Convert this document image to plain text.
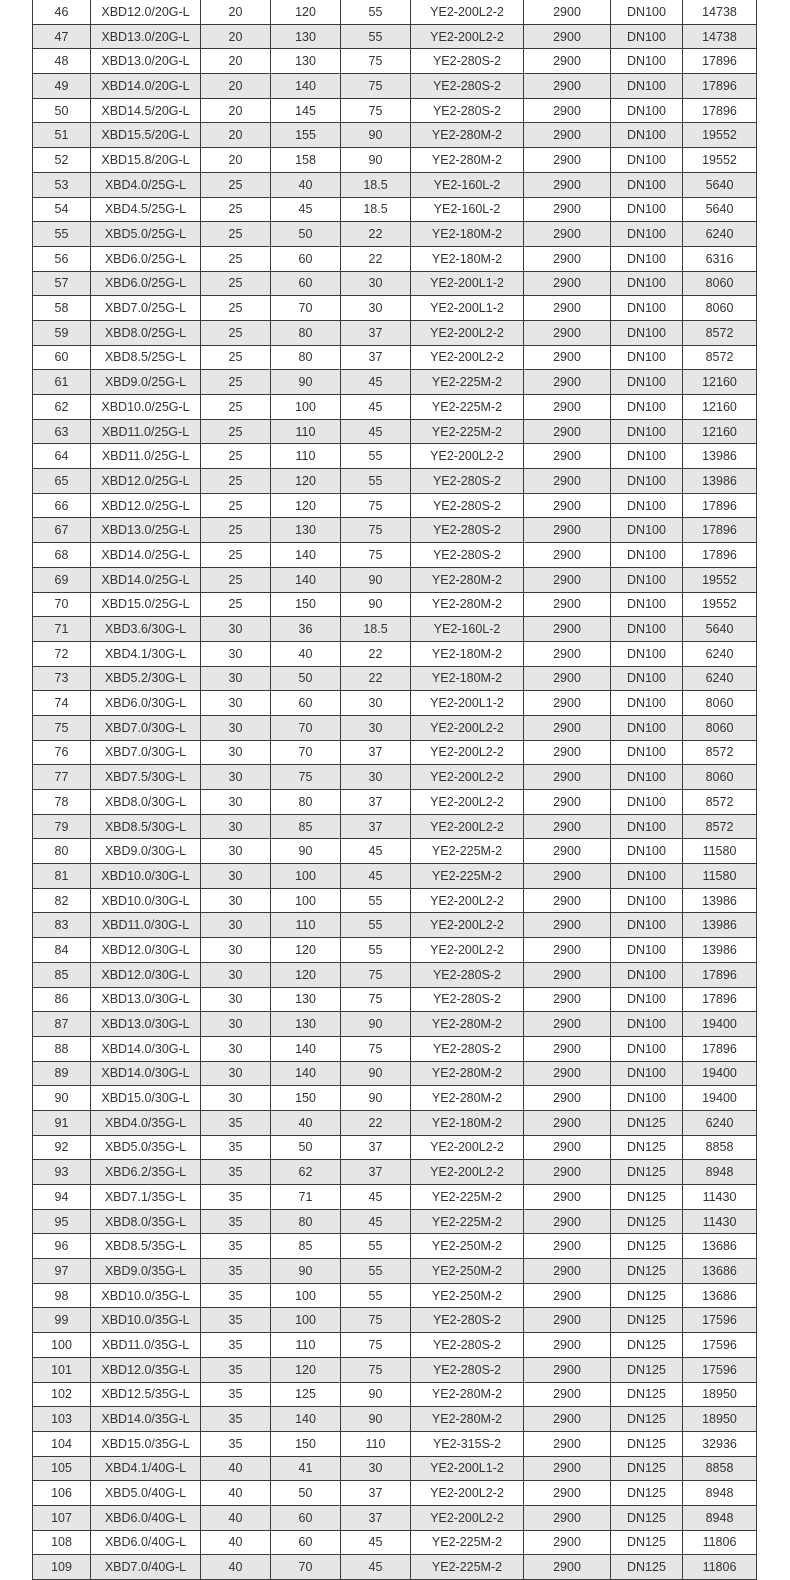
46	XBD12.0/20G-L	20	120	55	YE2-200L2-2	2900	DN100	14738
47	XBD13.0/20G-L	20	130	55	YE2-200L2-2	2900	DN100	14738
48	XBD13.0/20G-L	20	130	75	YE2-280S-2	2900	DN100	17896
49	XBD14.0/20G-L	20	140	75	YE2-280S-2	2900	DN100	17896
50	XBD14.5/20G-L	20	145	75	YE2-280S-2	2900	DN100	17896
51	XBD15.5/20G-L	20	155	90	YE2-280M-2	2900	DN100	19552
52	XBD15.8/20G-L	20	158	90	YE2-280M-2	2900	DN100	19552
53	XBD4.0/25G-L	25	40	18.5	YE2-160L-2	2900	DN100	5640
54	XBD4.5/25G-L	25	45	18.5	YE2-160L-2	2900	DN100	5640
55	XBD5.0/25G-L	25	50	22	YE2-180M-2	2900	DN100	6240
56	XBD6.0/25G-L	25	60	22	YE2-180M-2	2900	DN100	6316
57	XBD6.0/25G-L	25	60	30	YE2-200L1-2	2900	DN100	8060
58	XBD7.0/25G-L	25	70	30	YE2-200L1-2	2900	DN100	8060
59	XBD8.0/25G-L	25	80	37	YE2-200L2-2	2900	DN100	8572
60	XBD8.5/25G-L	25	80	37	YE2-200L2-2	2900	DN100	8572
61	XBD9.0/25G-L	25	90	45	YE2-225M-2	2900	DN100	12160
62	XBD10.0/25G-L	25	100	45	YE2-225M-2	2900	DN100	12160
63	XBD11.0/25G-L	25	110	45	YE2-225M-2	2900	DN100	12160
64	XBD11.0/25G-L	25	110	55	YE2-200L2-2	2900	DN100	13986
65	XBD12.0/25G-L	25	120	55	YE2-280S-2	2900	DN100	13986
66	XBD12.0/25G-L	25	120	75	YE2-280S-2	2900	DN100	17896
67	XBD13.0/25G-L	25	130	75	YE2-280S-2	2900	DN100	17896
68	XBD14.0/25G-L	25	140	75	YE2-280S-2	2900	DN100	17896
69	XBD14.0/25G-L	25	140	90	YE2-280M-2	2900	DN100	19552
70	XBD15.0/25G-L	25	150	90	YE2-280M-2	2900	DN100	19552
71	XBD3.6/30G-L	30	36	18.5	YE2-160L-2	2900	DN100	5640
72	XBD4.1/30G-L	30	40	22	YE2-180M-2	2900	DN100	6240
73	XBD5.2/30G-L	30	50	22	YE2-180M-2	2900	DN100	6240
74	XBD6.0/30G-L	30	60	30	YE2-200L1-2	2900	DN100	8060
75	XBD7.0/30G-L	30	70	30	YE2-200L2-2	2900	DN100	8060
76	XBD7.0/30G-L	30	70	37	YE2-200L2-2	2900	DN100	8572
77	XBD7.5/30G-L	30	75	30	YE2-200L2-2	2900	DN100	8060
78	XBD8.0/30G-L	30	80	37	YE2-200L2-2	2900	DN100	8572
79	XBD8.5/30G-L	30	85	37	YE2-200L2-2	2900	DN100	8572
80	XBD9.0/30G-L	30	90	45	YE2-225M-2	2900	DN100	11580
81	XBD10.0/30G-L	30	100	45	YE2-225M-2	2900	DN100	11580
82	XBD10.0/30G-L	30	100	55	YE2-200L2-2	2900	DN100	13986
83	XBD11.0/30G-L	30	110	55	YE2-200L2-2	2900	DN100	13986
84	XBD12.0/30G-L	30	120	55	YE2-200L2-2	2900	DN100	13986
85	XBD12.0/30G-L	30	120	75	YE2-280S-2	2900	DN100	17896
86	XBD13.0/30G-L	30	130	75	YE2-280S-2	2900	DN100	17896
87	XBD13.0/30G-L	30	130	90	YE2-280M-2	2900	DN100	19400
88	XBD14.0/30G-L	30	140	75	YE2-280S-2	2900	DN100	17896
89	XBD14.0/30G-L	30	140	90	YE2-280M-2	2900	DN100	19400
90	XBD15.0/30G-L	30	150	90	YE2-280M-2	2900	DN100	19400
91	XBD4.0/35G-L	35	40	22	YE2-180M-2	2900	DN125	6240
92	XBD5.0/35G-L	35	50	37	YE2-200L2-2	2900	DN125	8858
93	XBD6.2/35G-L	35	62	37	YE2-200L2-2	2900	DN125	8948
94	XBD7.1/35G-L	35	71	45	YE2-225M-2	2900	DN125	11430
95	XBD8.0/35G-L	35	80	45	YE2-225M-2	2900	DN125	11430
96	XBD8.5/35G-L	35	85	55	YE2-250M-2	2900	DN125	13686
97	XBD9.0/35G-L	35	90	55	YE2-250M-2	2900	DN125	13686
98	XBD10.0/35G-L	35	100	55	YE2-250M-2	2900	DN125	13686
99	XBD10.0/35G-L	35	100	75	YE2-280S-2	2900	DN125	17596
100	XBD11.0/35G-L	35	110	75	YE2-280S-2	2900	DN125	17596
101	XBD12.0/35G-L	35	120	75	YE2-280S-2	2900	DN125	17596
102	XBD12.5/35G-L	35	125	90	YE2-280M-2	2900	DN125	18950
103	XBD14.0/35G-L	35	140	90	YE2-280M-2	2900	DN125	18950
104	XBD15.0/35G-L	35	150	110	YE2-315S-2	2900	DN125	32936
105	XBD4.1/40G-L	40	41	30	YE2-200L1-2	2900	DN125	8858
106	XBD5.0/40G-L	40	50	37	YE2-200L2-2	2900	DN125	8948
107	XBD6.0/40G-L	40	60	37	YE2-200L2-2	2900	DN125	8948
108	XBD6.0/40G-L	40	60	45	YE2-225M-2	2900	DN125	11806
109	XBD7.0/40G-L	40	70	45	YE2-225M-2	2900	DN125	11806
